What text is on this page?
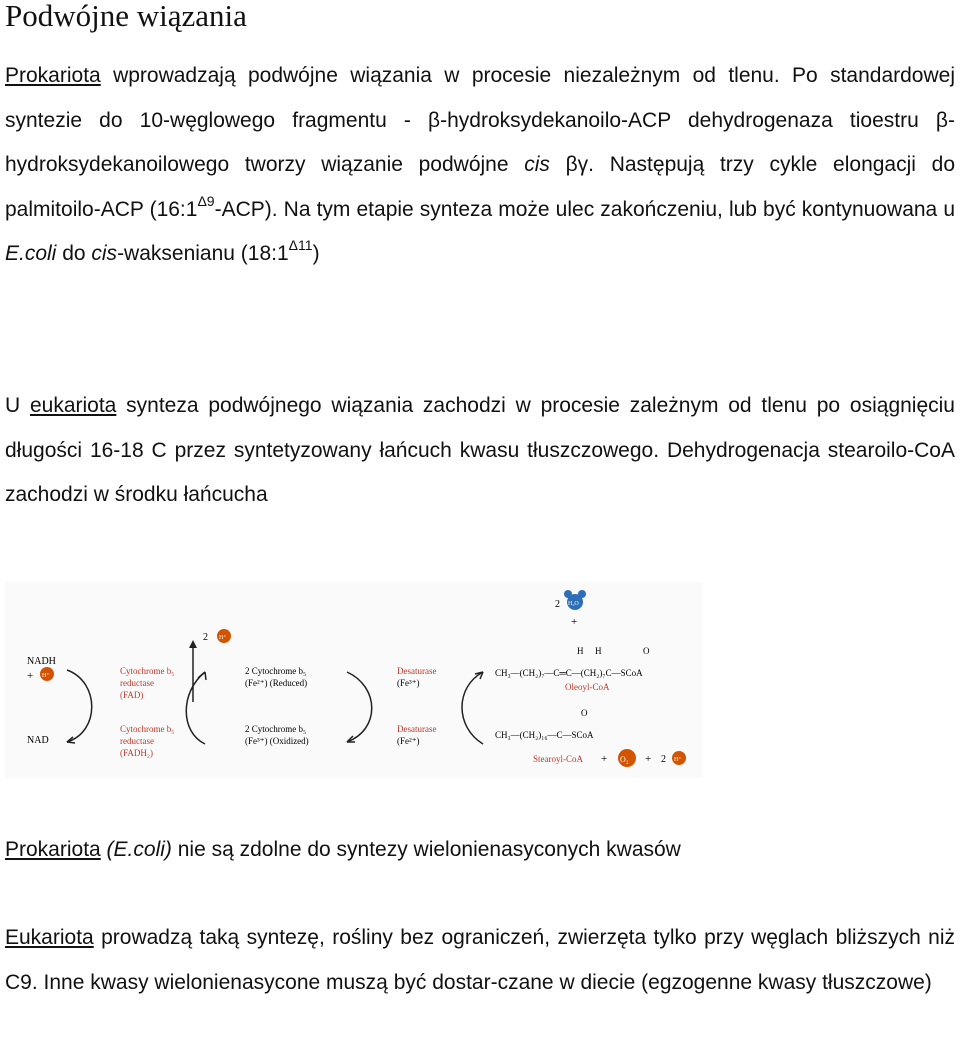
Podwójne wiązania

Prokariota wprowadzają podwójne wiązania w procesie niezależnym od tlenu. Po standardowej syntezie do 10-węglowego fragmentu - β-hydroksydekanoilo-ACP dehydrogenaza tioestru β-hydroksydekanoilowego tworzy wiązanie podwójne cis βγ. Następują trzy cykle elongacji do palmitoilo-ACP $(16:1^{\Delta 9}-ACP)$. Na tym etapie synteza może ulec zakończeniu, lub być kontynuowana u E.coli do cis-waksenianu $(18:1^{\Delta 11})$

U eukariota synteza podwójnego wiązania zachodzi w procesie zależnym od tlenu po osiągnięciu długości 16-18 C przez syntetyzowany łańcuch kwasu tłuszczowego. Dehydrogenacja stearoilo-CoA zachodzi w środku łańcucha

NADH
+ H⁺
NAD
Cytochrome b₅
reductase
(FAD)
Cytochrome b₅
reductase
(FADH₂)
2 H⁺
2 Cytochrome b₅
(Fe²⁺) (Reduced)
2 Cytochrome b₅
(Fe³⁺) (Oxidized)
Desaturase
(Fe³⁺)
Desaturase
(Fe²⁺)
2 H₂O
+
H H	O
CH₃—(CH₂)₇—C═C—(CH₂)₇C—SCoA
Oleoyl-CoA
O
CH₃—(CH₂)₁₆—C—SCoA
Stearoyl-CoA + O₂ + 2 H⁺

Prokariota (E.coli) nie są zdolne do syntezy wielonienasyconych kwasów

Eukariota prowadzą taką syntezę, rośliny bez ograniczeń, zwierzęta tylko przy węglach bliższych niż C9. Inne kwasy wielonienasycone muszą być dostar-czane w diecie (egzogenne kwasy tłuszczowe)
